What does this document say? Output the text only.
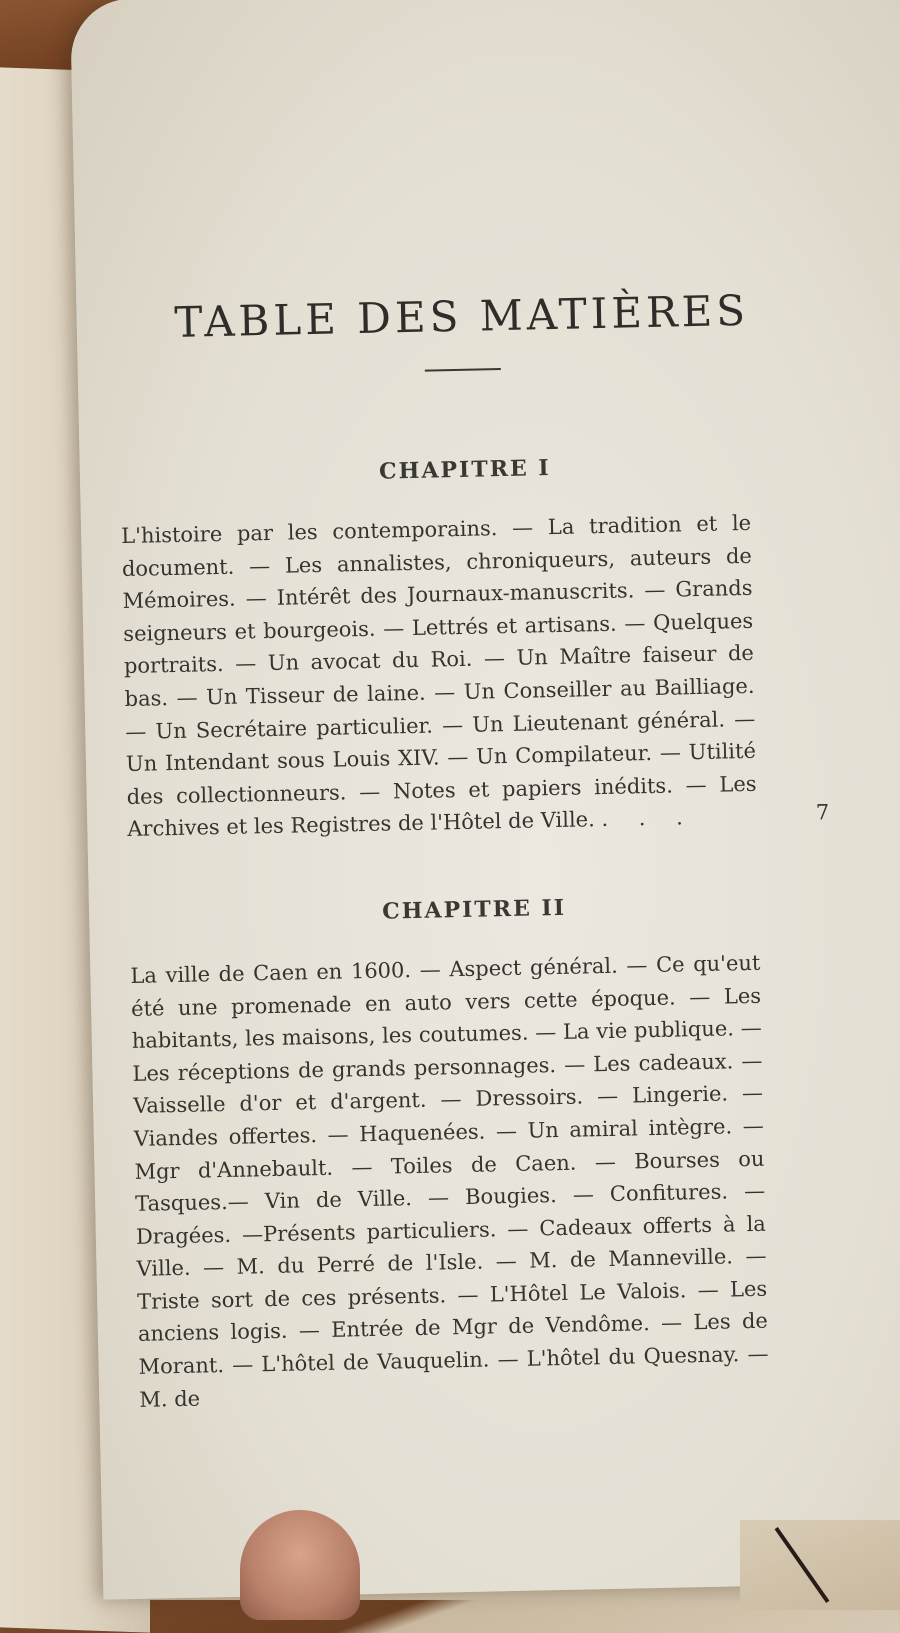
TABLE DES MATIÈRES
CHAPITRE I

L'histoire par les contemporains. — La tradition et le document. — Les annalistes, chroniqueurs, auteurs de Mémoires. — Intérêt des Journaux-manuscrits. — Grands seigneurs et bourgeois. — Lettrés et artisans. — Quelques portraits. — Un avocat du Roi. — Un Maître faiseur de bas. — Un Tisseur de laine. — Un Conseiller au Bailliage. — Un Secrétaire particulier. — Un Lieutenant général. — Un Intendant sous Louis XIV. — Un Compilateur. — Utilité des collectionneurs. — Notes et papiers inédits. — Les Archives et les Registres de l'Hôtel de Ville. . . .	7
CHAPITRE II

La ville de Caen en 1600. — Aspect général. — Ce qu'eut été une promenade en auto vers cette époque. — Les habitants, les maisons, les coutumes. — La vie publique. — Les réceptions de grands personnages. — Les cadeaux. — Vaisselle d'or et d'argent. — Dressoirs. — Lingerie. — Viandes offertes. — Haquenées. — Un amiral intègre. — Mgr d'Annebault. — Toiles de Caen. — Bourses ou Tasques.— Vin de Ville. — Bougies. — Confitures. — Dragées. —Présents particuliers. — Cadeaux offerts à la Ville. — M. du Perré de l'Isle. — M. de Manneville. — Triste sort de ces présents. — L'Hôtel Le Valois. — Les anciens logis. — Entrée de Mgr de Vendôme. — Les de Morant. — L'hôtel de Vauquelin. — L'hôtel du Quesnay. — M. de
